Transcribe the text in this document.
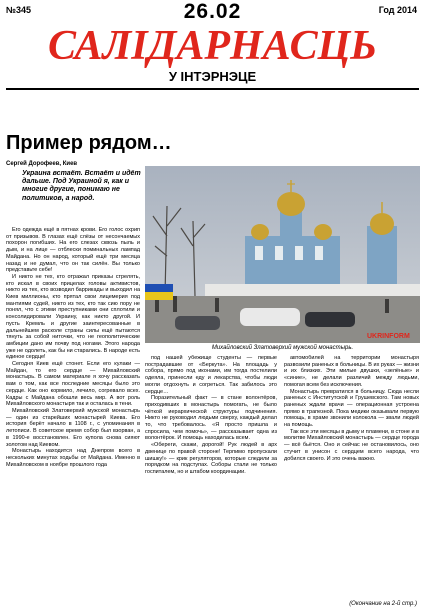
№345	26.02	Год 2014
САЛIДАРНАСЦЬ
У ІНТЭРНЭЦЕ
Пример рядом…
Сергей Дорофеев, Киев
Украина встаёт. Встаёт и идёт дальше. Под Украиной я, как и многие другие, понимаю не политиков, а народ.

Его одежда ещё в пятнах крови. Его голос охрип от призывов. В глазах ещё слёзы от несончаемых похорон погибших. На его слезах сквозь пыль и дым, и на лице — отблески поминальных лампад Майдана. Но он народ, который ещё три месяца назад и не думал, что он так силён. Вы только представьте себе!

И никто не тех, кто отражал приказы стрелять, кто искал в своих прицелах головы активистов, никто из тех, кто возводил баррикады и выходил на Киев миллионы, кто прятал свои лицемерия под мантиями судей, никто из тех, кто так сию пору не понял, что с этими преступниками они сплотили и консолидировали Украину, как никто другой. И пусть Кремль и другие заинтересованные в дальнейшем расколе страны силы ещё пытаются тянуть за собой ниточки, что не геополитические амбиции дано им почву под ногами. Этого народа уже не одолеть, как бы ни старались. В народе есть единое сердце!

Сегодня Киев ещё стонет. Если его кулаки — Майдан, то его сердце — Михайловский монастырь. В самом материале я хочу рассказать вам о том, как все последние месяцы было это сердце. Как оно кормило, лечило, согревало всех. Кадры с Майдана обошли весь мир. А вот роль Михайловского монастыря так и осталась в тени.

Михайловский Златоверхий мужской монастырь — один из старейших монастырей Киева. Его история берёт начало в 1108 г., с упоминания в летописи. В советское время собор был взорван, а в 1990-е восстановлен. Его купола снова сияют золотом над Киевом.

Монастырь находится над Днепром всего в нескольких минутах ходьбы от Майдана. Именно в Михайловском в ноябре прошлого года

UKRINFORM
Михайловский Златоверхий мужской монастырь.

под нашей убежище студенты — первые пострадавшие от «Беркута». На площадь у собора, прямо под иконами, им тогда постелили одеяла, принесли еду и лекарства, чтобы люди могли отдохнуть и согреться. Так забилось это сердце…

Поразительный факт — в стане волонтёров, приходивших в монастырь помогать, не было чёткой иерархической структуры подчинения. Никто не руководил людьми сверху, каждый делал то, что требовалось. «Я просто пришла и спросила, чем помочь», — рассказывает одна из волонтёрок. И помощь находилась всем.

«Обереги, скажи, дорогой! Рук людей в арх двенице по правой стороне! Терпимо пропускали шишку!» — крик регуляторов, которые следили за порядком на подступах. Соборы стали не только госпиталем, но и штабом координации.

автомобилей на территории монастыря развозили раненых в больницы. В их руках — жизни и их близких. Эти милые двушки, «зелёные» и «синие», не делали различий между людьми, помогая всем без исключения.

Монастырь превратился в больницу. Сюда несли раненых с Институтской и Грушевского. Там новых раненых ждали врачи — операционная устроена прямо в трапезной. Пока медики оказывали первую помощь, в храме звонили колокола — звали людей на помощь.

Так все эти месяцы в дыму и пламени, в стоне и в молитве Михайловский монастырь — сердце города — всё бьётся. Оно и сейчас не остановилось, оно стучит в унисон с сердцем всего народа, что добился своего. И это очень важно.

(Окончание на 2-й стр.)
